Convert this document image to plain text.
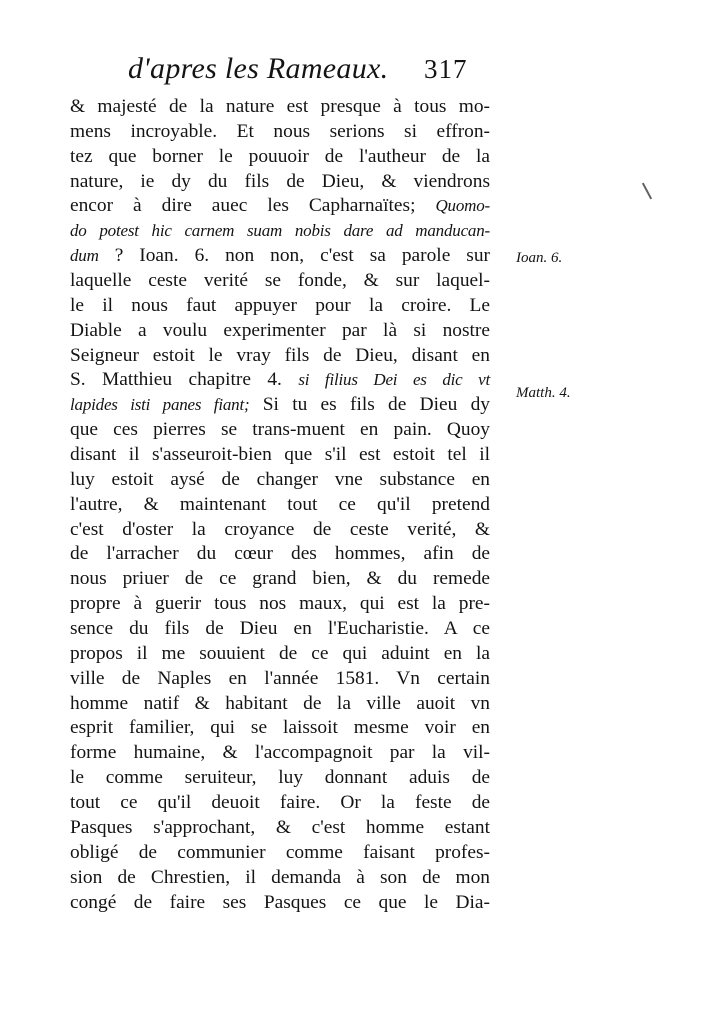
d'apres les Rameaux. 317
& majesté de la nature est presque à tous mo-
mens incroyable. Et nous serions si effron-
tez que borner le pouuoir de l'autheur de la
nature, ie dy du fils de Dieu, & viendrons
encor à dire auec les Capharnaïtes; Quomo-
do potest hic carnem suam nobis dare ad manducan-
dum ? Ioan. 6. non non, c'est sa parole sur
laquelle ceste verité se fonde, & sur laquel-
le il nous faut appuyer pour la croire. Le
Diable a voulu experimenter par là si nostre
Seigneur estoit le vray fils de Dieu, disant en
S. Matthieu chapitre 4. si filius Dei es dic vt
lapides isti panes fiant; Si tu es fils de Dieu dy
que ces pierres se trans-muent en pain. Quoy
disant il s'asseuroit-bien que s'il est estoit tel il
luy estoit aysé de changer vne substance en
l'autre, & maintenant tout ce qu'il pretend
c'est d'oster la croyance de ceste verité, &
de l'arracher du cœur des hommes, afin de
nous priuer de ce grand bien, & du remede
propre à guerir tous nos maux, qui est la pre-
sence du fils de Dieu en l'Eucharistie. A ce
propos il me souuient de ce qui aduint en la
ville de Naples en l'année 1581. Vn certain
homme natif & habitant de la ville auoit vn
esprit familier, qui se laissoit mesme voir en
forme humaine, & l'accompagnoit par la vil-
le comme seruiteur, luy donnant aduis de
tout ce qu'il deuoit faire. Or la feste de
Pasques s'approchant, & c'est homme estant
obligé de communier comme faisant profes-
sion de Chrestien, il demanda à son de mon
congé de faire ses Pasques ce que le Dia-
Ioan. 6.
Matth. 4.
